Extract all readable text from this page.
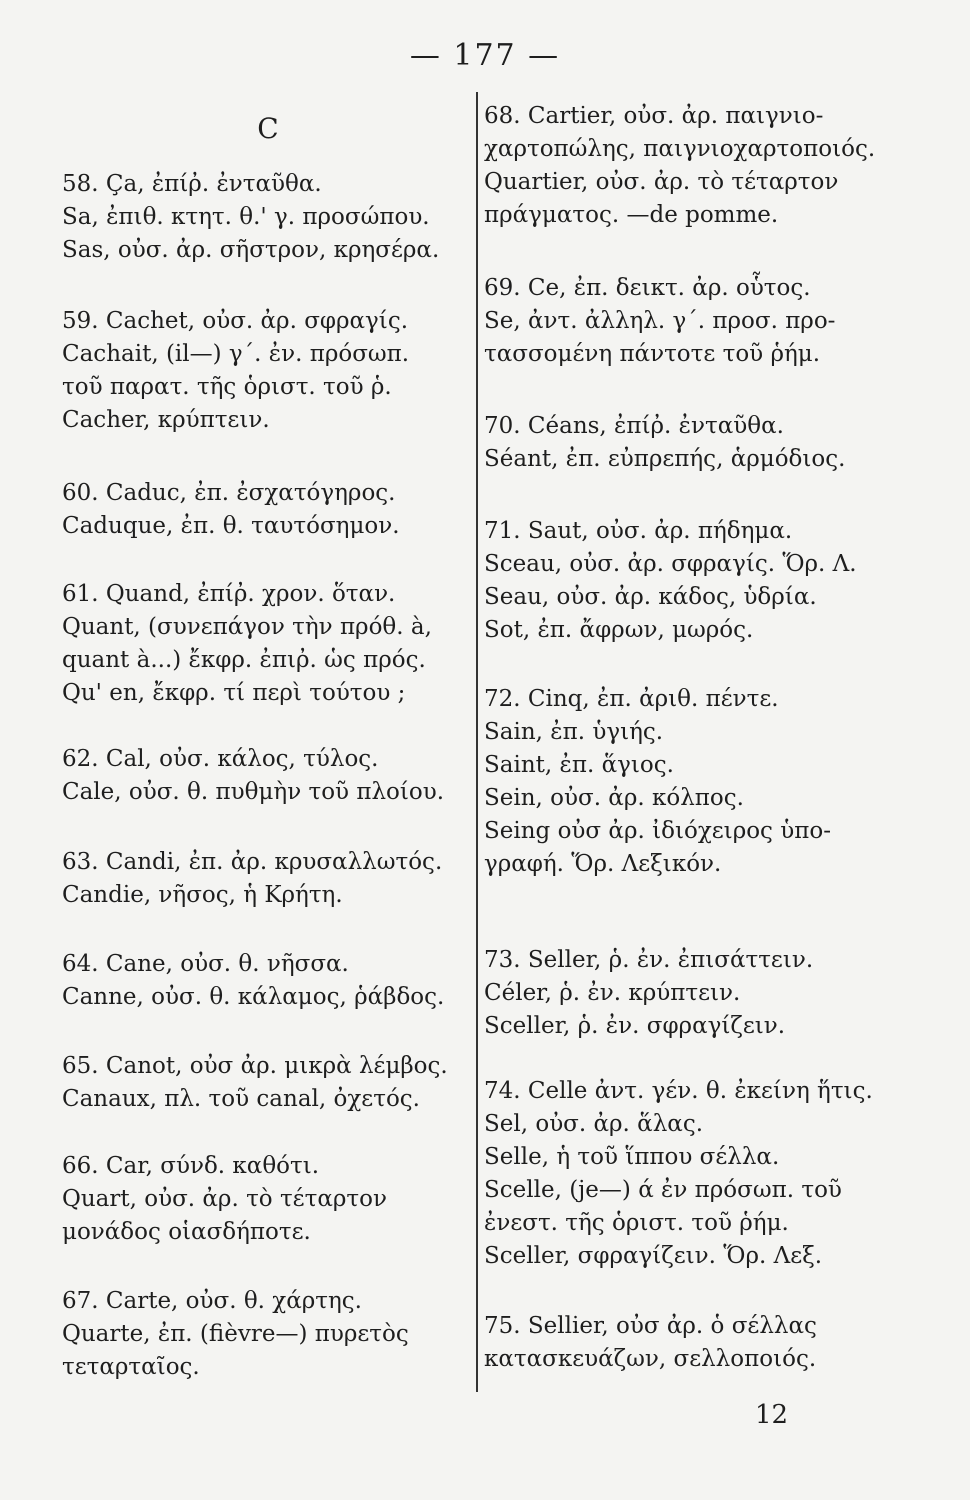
— 177 —
C
58. Ça, ἐπίῤ. ἐνταῦθα.
Sa, ἐπιθ. κτητ. θ.' γ. προσώπου.
Sas, οὐσ. ἀρ. σῆστρον, κρησέρα.
59. Cachet, οὐσ. ἀρ. σφραγίς.
Cachait, (il—) γ΄. ἐν. πρόσωπ.
τοῦ παρατ. τῆς ὁριστ. τοῦ ῥ.
Cacher, κρύπτειν.
60. Caduc, ἐπ. ἐσχατόγηρος.
Caduque, ἐπ. θ. ταυτόσημον.
61. Quand, ἐπίῤ. χρον. ὅταν.
Quant, (συνεπάγον τὴν πρόθ. à,
quant à...) ἔκφρ. ἐπιῤ. ὡς πρός.
Qu' en, ἔκφρ. τί περὶ τούτου ;
62. Cal, οὐσ. κάλος, τύλος.
Cale, οὐσ. θ. πυθμὴν τοῦ πλοίου.
63. Candi, ἐπ. ἀρ. κρυσαλλωτός.
Candie, νῆσος, ἡ Κρήτη.
64. Cane, οὐσ. θ. νῆσσα.
Canne, οὐσ. θ. κάλαμος, ῥάβδος.
65. Canot, οὐσ ἀρ. μικρὰ λέμβος.
Canaux, πλ. τοῦ canal, ὀχετός.
66. Car, σύνδ. καθότι.
Quart, οὐσ. ἀρ. τὸ τέταρτον
μονάδος οἱασδήποτε.
67. Carte, οὐσ. θ. χάρτης.
Quarte, ἐπ. (fièvre—) πυρετὸς
τεταρταῖος.
68. Cartier, οὐσ. ἀρ. παιγνιο-
χαρτοπώλης, παιγνιοχαρτοποιός.
Quartier, οὐσ. ἀρ. τὸ τέταρτον
πράγματος. —de pomme.
69. Ce, ἐπ. δεικτ. ἀρ. οὗτος.
Se, ἀντ. ἀλληλ. γ΄. προσ. προ-
τασσομένη πάντοτε τοῦ ῥήμ.
70. Céans, ἐπίῤ. ἐνταῦθα.
Séant, ἐπ. εὐπρεπής, ἁρμόδιος.
71. Saut, οὐσ. ἀρ. πήδημα.
Sceau, οὐσ. ἀρ. σφραγίς. Ὅρ. Λ.
Seau, οὐσ. ἀρ. κάδος, ὑδρία.
Sot, ἐπ. ἄφρων, μωρός.
72. Cinq, ἐπ. ἀριθ. πέντε.
Sain, ἐπ. ὑγιής.
Saint, ἐπ. ἅγιος.
Sein, οὐσ. ἀρ. κόλπος.
Seing οὐσ ἀρ. ἰδιόχειρος ὑπο-
γραφή. Ὅρ. Λεξικόν.
73. Seller, ῥ. ἐν. ἐπισάττειν.
Céler, ῥ. ἐν. κρύπτειν.
Sceller, ῥ. ἐν. σφραγίζειν.
74. Celle ἀντ. γέν. θ. ἐκείνη ἥτις.
Sel, οὐσ. ἀρ. ἅλας.
Selle, ἡ τοῦ ἵππου σέλλα.
Scelle, (je—) ά ἐν πρόσωπ. τοῦ
ἐνεστ. τῆς ὁριστ. τοῦ ῥήμ.
Sceller, σφραγίζειν. Ὅρ. Λεξ.
75. Sellier, οὐσ ἀρ. ὁ σέλλας
κατασκευάζων, σελλοποιός.
12
